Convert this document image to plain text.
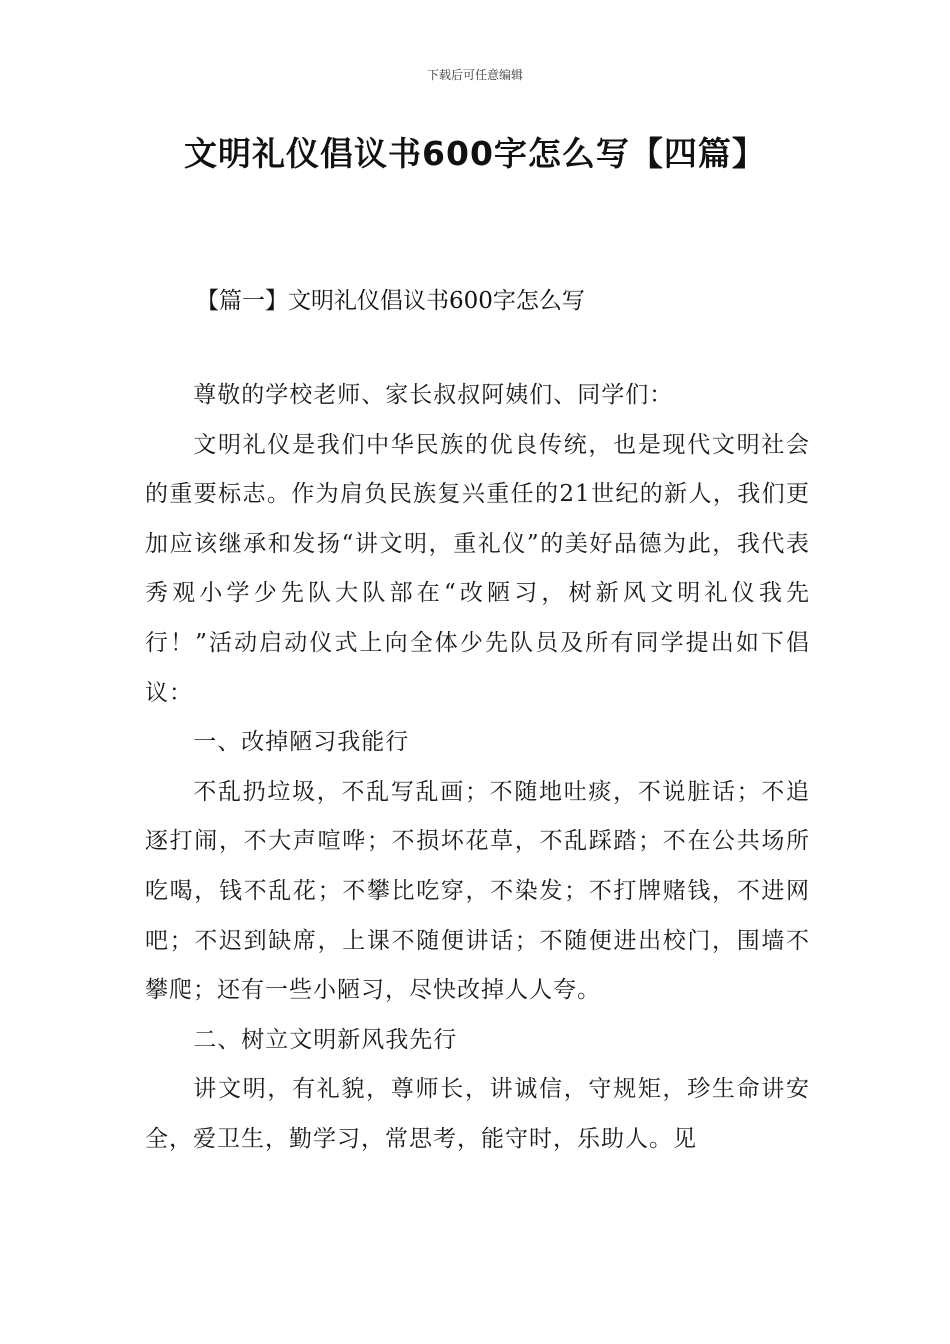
下载后可任意编辑
文明礼仪倡议书600字怎么写【四篇】
【篇一】文明礼仪倡议书600字怎么写

尊敬的学校老师、家长叔叔阿姨们、同学们：

文明礼仪是我们中华民族的优良传统，也是现代文明社会的重要标志。作为肩负民族复兴重任的21世纪的新人，我们更加应该继承和发扬“讲文明，重礼仪”的美好品德为此，我代表秀观小学少先队大队部在“改陋习，树新风文明礼仪我先行！”活动启动仪式上向全体少先队员及所有同学提出如下倡议：

一、改掉陋习我能行

不乱扔垃圾，不乱写乱画；不随地吐痰，不说脏话；不追逐打闹，不大声喧哗；不损坏花草，不乱踩踏；不在公共场所吃喝，钱不乱花；不攀比吃穿，不染发；不打牌赌钱，不进网吧；不迟到缺席，上课不随便讲话；不随便进出校门，围墙不攀爬；还有一些小陋习，尽快改掉人人夸。

二、树立文明新风我先行

讲文明，有礼貌，尊师长，讲诚信，守规矩，珍生命讲安全，爱卫生，勤学习，常思考，能守时，乐助人。见
